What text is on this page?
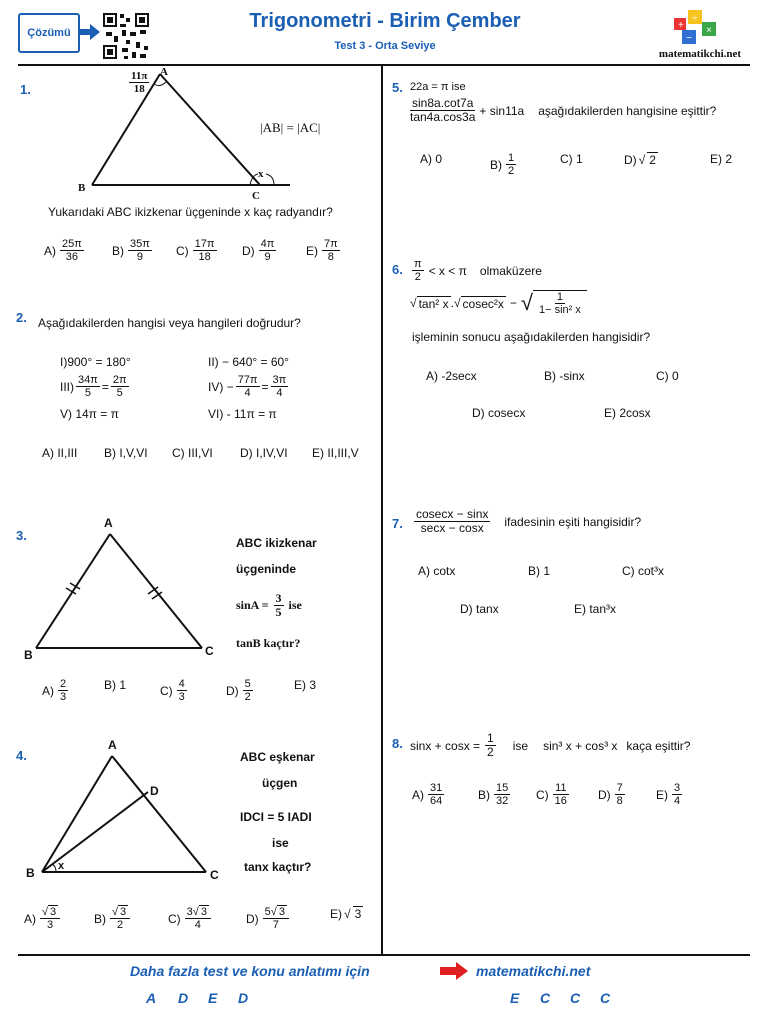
Çözümü
Trigonometri - Birim Çember
Test 3 - Orta Seviye
+
÷
×
−
matematikchi.net
1.	$\frac{11\pi}{18}$ A
B
C
x
|AB| = |AC|
Yukarıdaki ABC ikizkenar üçgeninde x kaç radyandır?
$A) \frac{25\pi}{36} B) \frac{35\pi}{9} C) \frac{17\pi}{18} D) \frac{4\pi}{9} E) \frac{7\pi}{8}$
2. Aşağıdakilerden hangisi veya hangileri doğrudur?
I)900° = 180°	II) − 640° = 60°
$III) \frac{34\pi}{5} = \frac{2\pi}{5}$	$IV) - \frac{77\pi}{4} = \frac{3\pi}{4}$
V) 14π = π	VI) - 11π = π
A) II,III B) I,V,VI C) III,VI D) I,IV,VI E) II,III,V
3.
A
B	C
ABC ikizkenar
üçgeninde
$\sin A = \frac{3}{5}$ ise
tanB kaçtır?
$A) \frac{2}{3}$	B) 1	$C) \frac{4}{3}$	$D) \frac{5}{2}$	E) 3
4.
A
B	C
D
x
ABC eşkenar
üçgen
IDCI = 5 IADI
ise
tanx kaçtır?
$A) \frac{√ 3}{3}$	$B) \frac{√ 3}{2}$	$C) \frac{3√ 3}{4}$	$D) \frac{5√ 3}{7}$	E) √ 3
5. 22a = π ise
$\frac{\sin 8a.\cot 7a}{\tan 4a.\cos 3a} + \sin 11a$ aşağıdakilerden hangisine eşittir?
A) 0	$B) \frac{1}{2}$	C) 1	D) √ 2	E) 2
6. $\frac{\pi}{2} < x < \pi$ olmaküzere
√ tan² x . √ cosec²x − √ $\frac{1}{\text{1− sin² x}}$
işleminin sonucu aşağıdakilerden hangisidir?
A) -2secx	B) -sinx	C) 0
D) cosecx	E) 2cosx
7. $\frac{cosecx - \sin x}{\sec x - \cos x}$ ifadesinin eşiti hangisidir?
A) cotx	B) 1	C) cot³x
D) tanx	E) tan³x
8. $\sin x + \cos x = \frac{1}{2}$ ise sin³ x + cos³ x kaça eşittir?
$A) \frac{31}{64}$	$B) \frac{15}{32} C) \frac{11}{16} D) \frac{7}{8}$	$E) \frac{3}{4}$
Daha fazla test ve konu anlatımı için	matematikchi.net
A D E D	E C C C
